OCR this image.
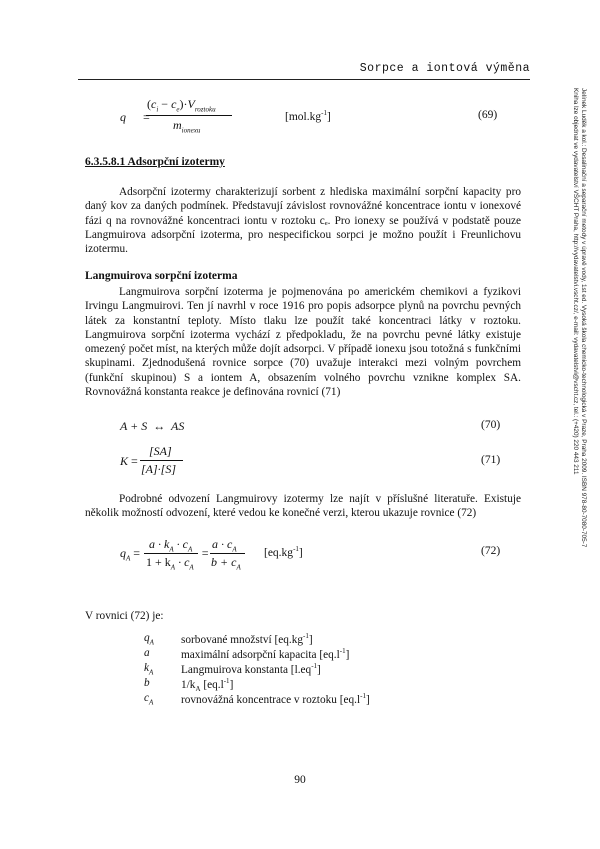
Sorpce a iontová výměna
Jelínek Luděk a kol.: Desalinační a separační metody v úpravě vody, 1st ed. Vysoká škola chemicko-technologická v Praze, Praha 2009. ISBN 978-80-7080-705-7
Kniha lze objednat ve vydavatelství VŠCHT Praha, http://vydavatelstvi.vscht.cz/, e-mail: vydavatelstvi@vscht.cz, tel.: (+420) 220 443 211
q =
$(c_i - c_e)\cdot V_{roztoku}$
$m_{ionexu}$
$[mol.kg^{-1}]$	(69)
6.3.5.8.1 Adsorpční izotermy
Adsorpční izotermy charakterizují sorbent z hlediska maximální sorpční kapacity pro daný kov za daných podmínek. Představují závislost rovnovážné koncentrace iontu v ionexové fázi q na rovnovážné koncentraci iontu v roztoku cₑ. Pro ionexy se používá v podstatě pouze Langmuirova adsorpční izoterma, pro nespecifickou sorpci je možno použít i Freunlichovu izotermu.
Langmuirova sorpční izoterma
Langmuirova sorpční izoterma je pojmenována po americkém chemikovi a fyzikovi Irvingu Langmuirovi. Ten jí navrhl v roce 1916 pro popis adsorpce plynů na povrchu pevných látek za konstantní teploty. Místo tlaku lze použít také koncentraci látky v roztoku. Langmuirova sorpční izoterma vychází z předpokladu, že na povrchu pevné látky existuje omezený počet míst, na kterých může dojít adsorpci. V případě ionexu jsou totožná s funkčními skupinami. Zjednodušená rovnice sorpce (70) uvažuje interakci mezi volným povrchem (funkční skupinou) S a iontem A, obsazením volného povrchu vznikne komplex SA. Rovnovážná konstanta reakce je definována rovnicí (71)
A + S  ↔  AS	(70)
K =
[SA]
[A]·[S]
(71)
Podrobné odvození Langmuirovy izotermy lze najít v příslušné literatuře. Existuje několik možností odvození, které vedou ke konečné verzi, kterou ukazuje rovnice (72)
$q_A$ =
$a \cdot k_A \cdot c_A$
$1 + k_A \cdot c_A$
=
$a \cdot c_A$
$b + c_A$
$[eq.kg^{-1}]$	(72)
V rovnici (72) je:
$q_A$	sorbované množství $[eq.kg^{-1}]$
a	maximální adsorpční kapacita $[eq.l^{-1}]$
$k_A$	Langmuirova konstanta $[l.eq^{-1}]$
b	$1/k_A$ $[eq.l^{-1}]$
$c_A$	rovnovážná koncentrace v roztoku $[eq.l^{-1}]$
90
